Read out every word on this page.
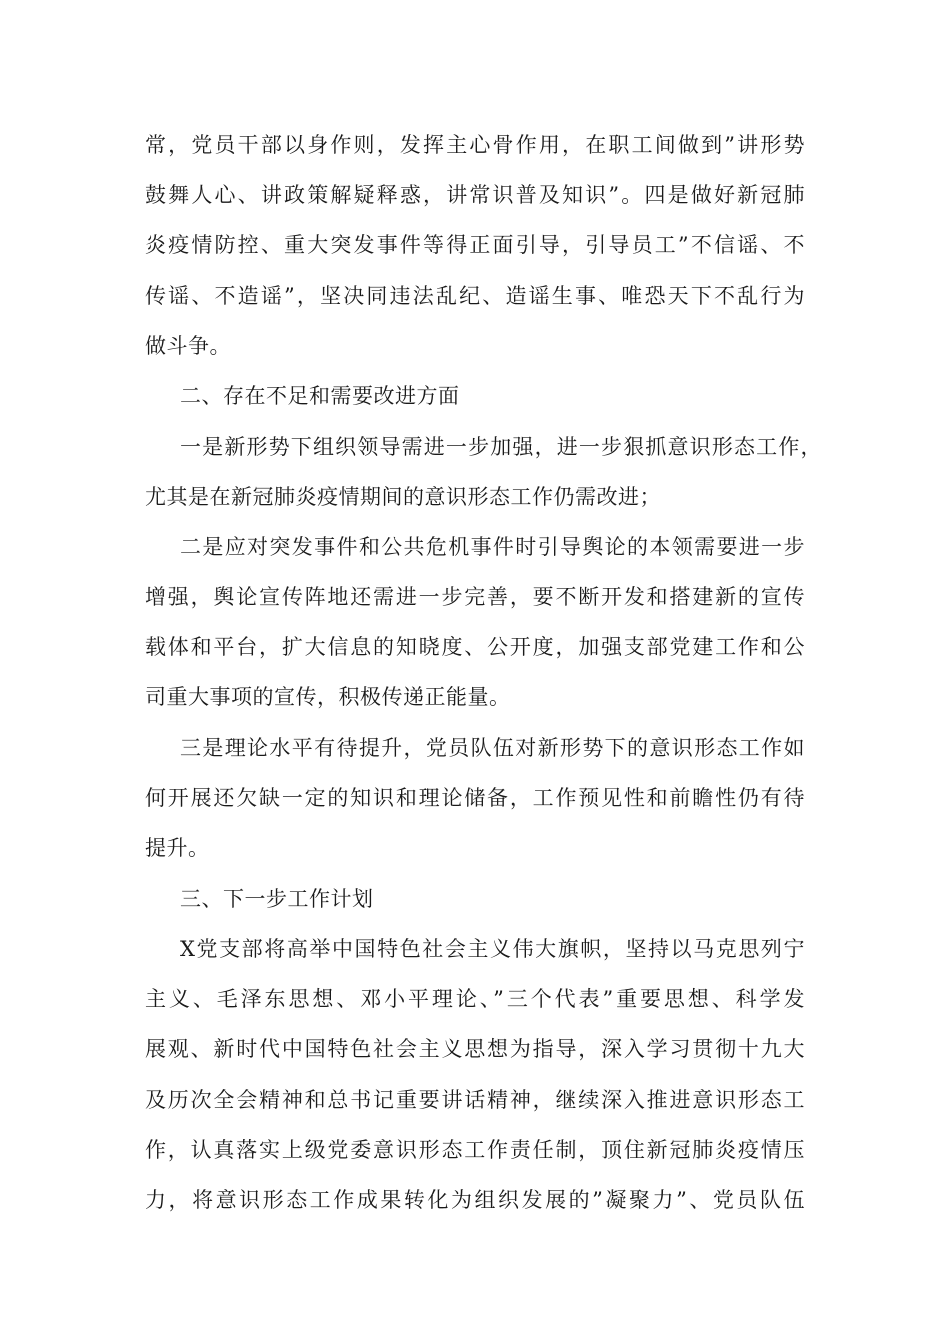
常，党员干部以身作则，发挥主心骨作用，在职工间做到”讲形势
鼓舞人心、讲政策解疑释惑，讲常识普及知识”。四是做好新冠肺
炎疫情防控、重大突发事件等得正面引导，引导员工”不信谣、不
传谣、不造谣”，坚决同违法乱纪、造谣生事、唯恐天下不乱行为
做斗争。
二、存在不足和需要改进方面
一是新形势下组织领导需进一步加强，进一步狠抓意识形态工作，
尤其是在新冠肺炎疫情期间的意识形态工作仍需改进；
二是应对突发事件和公共危机事件时引导舆论的本领需要进一步
增强，舆论宣传阵地还需进一步完善，要不断开发和搭建新的宣传
载体和平台，扩大信息的知晓度、公开度，加强支部党建工作和公
司重大事项的宣传，积极传递正能量。
三是理论水平有待提升，党员队伍对新形势下的意识形态工作如
何开展还欠缺一定的知识和理论储备，工作预见性和前瞻性仍有待
提升。
三、下一步工作计划
X党支部将高举中国特色社会主义伟大旗帜，坚持以马克思列宁
主义、毛泽东思想、邓小平理论、”三个代表”重要思想、科学发
展观、新时代中国特色社会主义思想为指导，深入学习贯彻十九大
及历次全会精神和总书记重要讲话精神，继续深入推进意识形态工
作，认真落实上级党委意识形态工作责任制，顶住新冠肺炎疫情压
力，将意识形态工作成果转化为组织发展的”凝聚力”、党员队伍
